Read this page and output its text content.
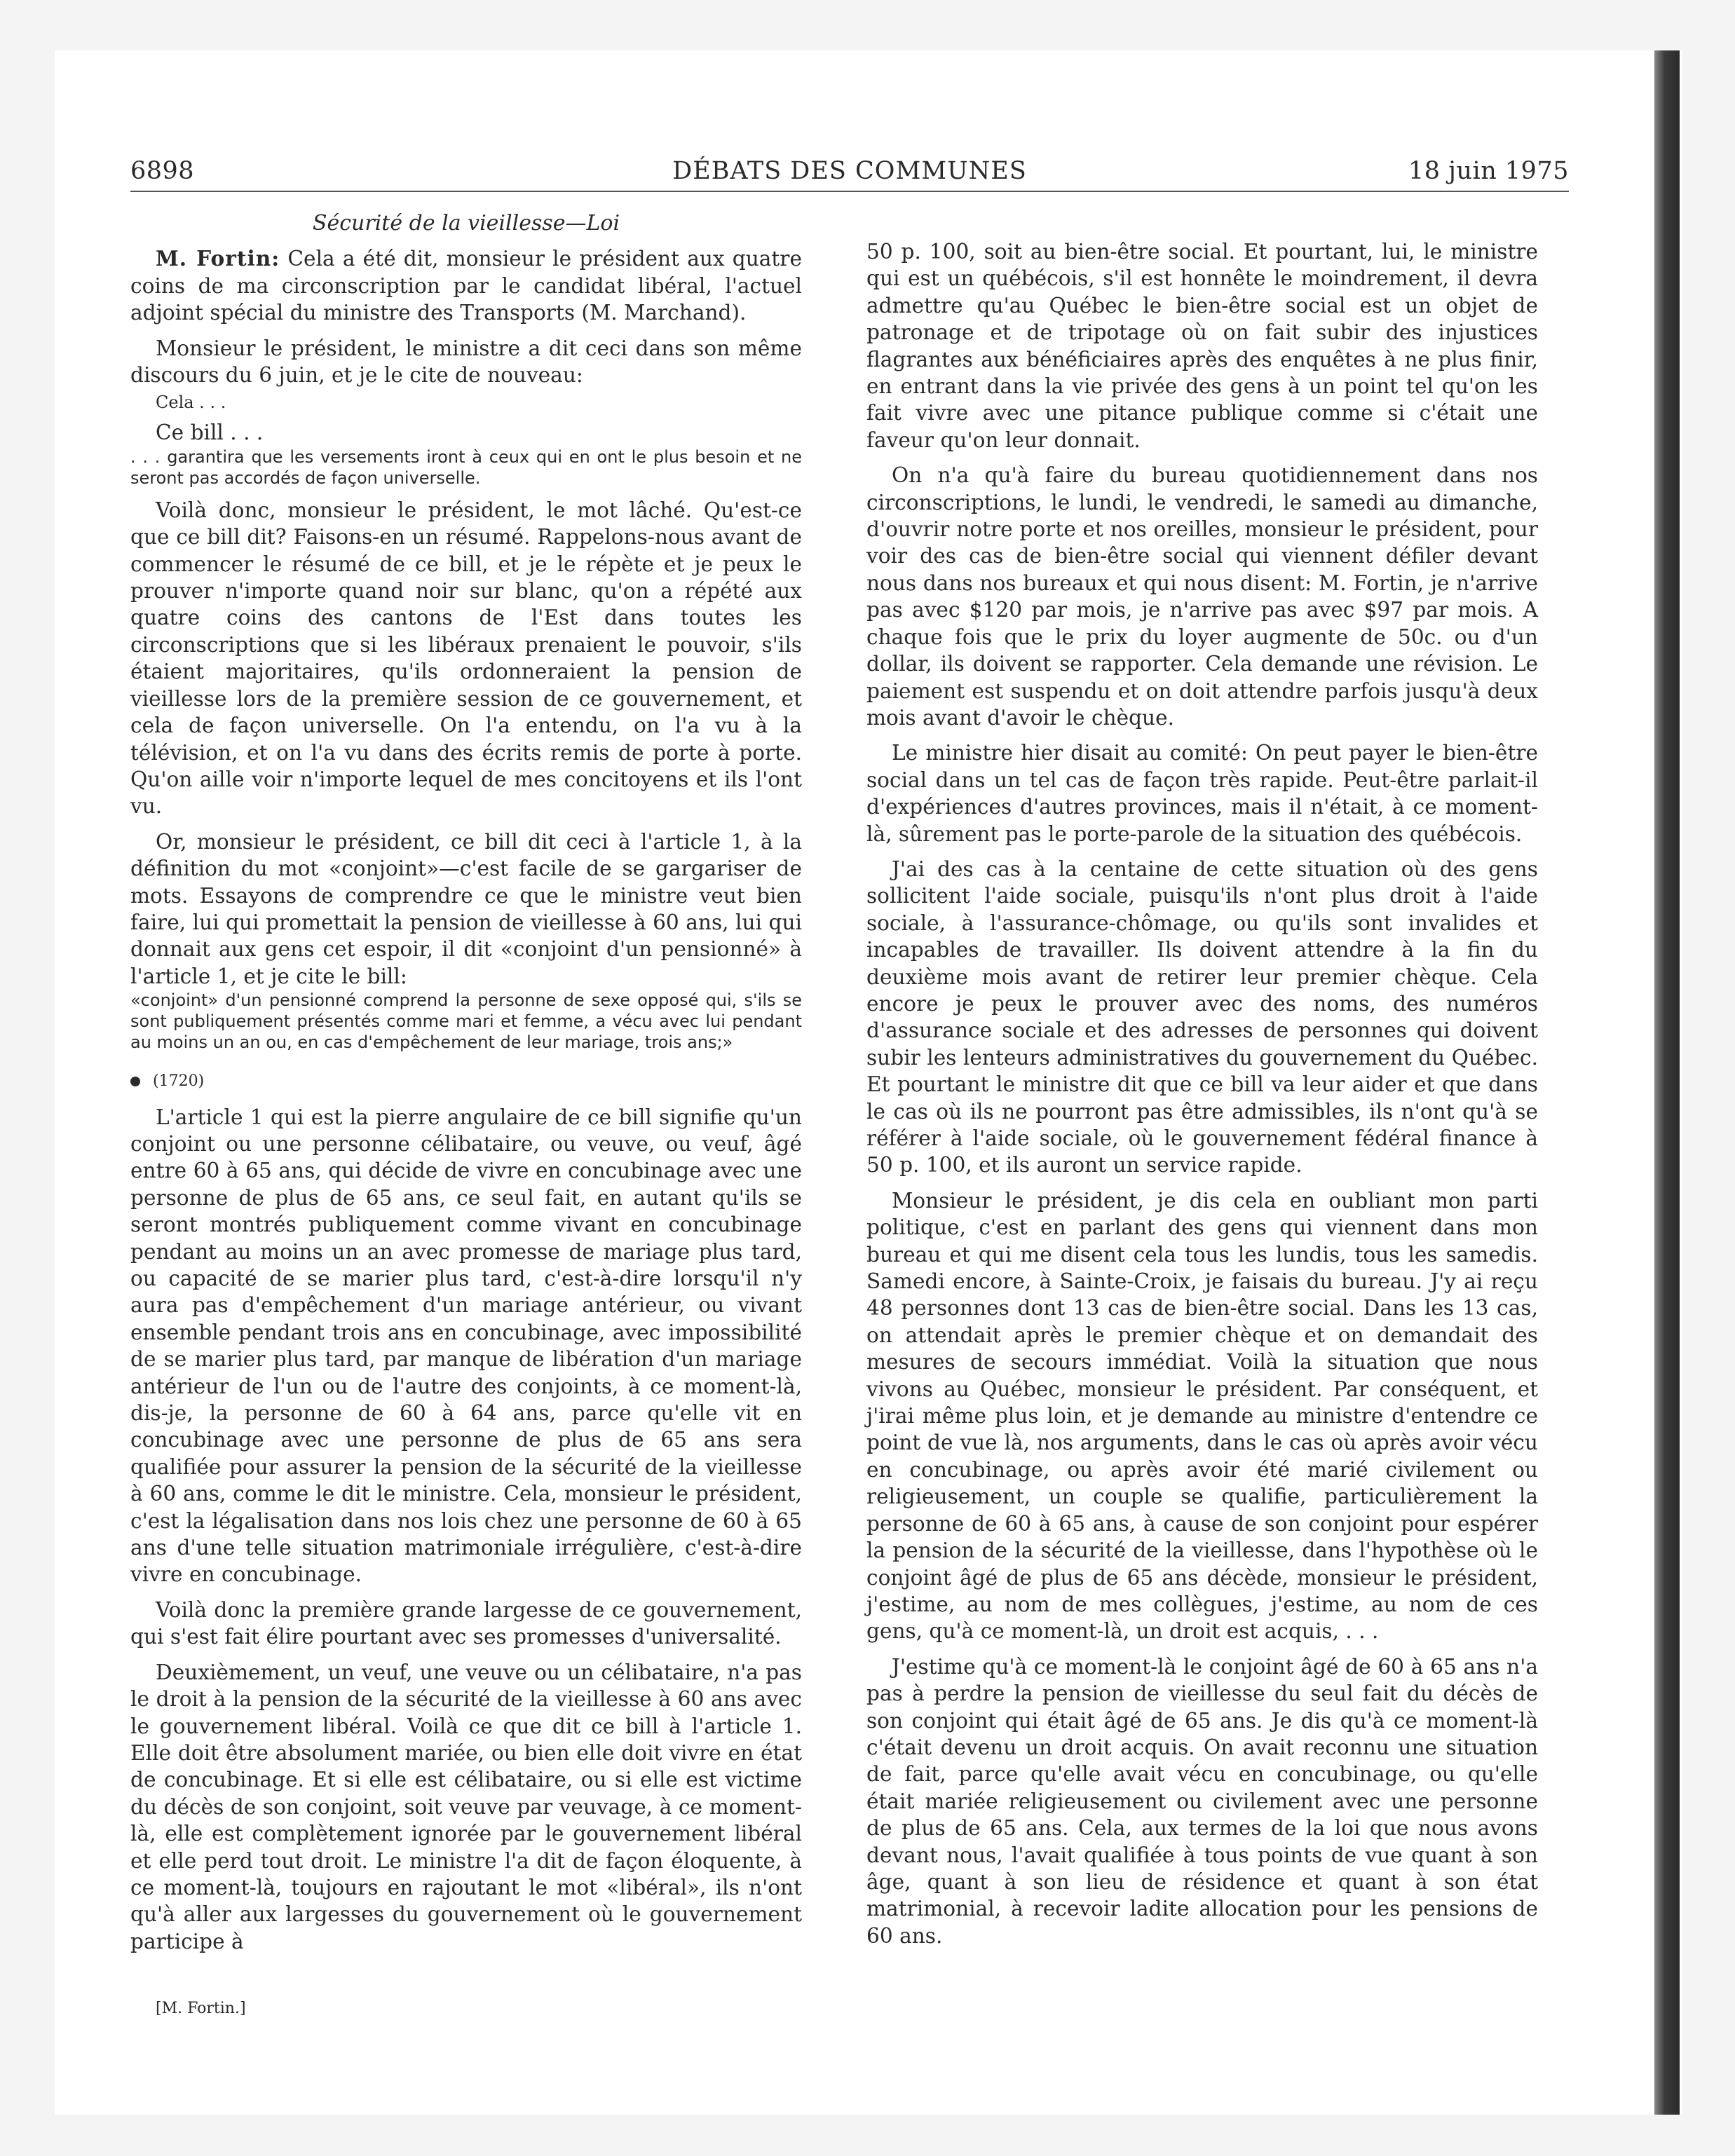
6898	DÉBATS DES COMMUNES	18 juin 1975
Sécurité de la vieillesse—Loi

M. Fortin: Cela a été dit, monsieur le président aux quatre coins de ma circonscription par le candidat libéral, l'actuel adjoint spécial du ministre des Transports (M. Marchand).

Monsieur le président, le ministre a dit ceci dans son même discours du 6 juin, et je le cite de nouveau:

Cela . . .

Ce bill . . .

. . . garantira que les versements iront à ceux qui en ont le plus besoin et ne seront pas accordés de façon universelle.

Voilà donc, monsieur le président, le mot lâché. Qu'est-ce que ce bill dit? Faisons-en un résumé. Rappelons-nous avant de commencer le résumé de ce bill, et je le répète et je peux le prouver n'importe quand noir sur blanc, qu'on a répété aux quatre coins des cantons de l'Est dans toutes les circonscriptions que si les libéraux prenaient le pouvoir, s'ils étaient majoritaires, qu'ils ordonneraient la pension de vieillesse lors de la première session de ce gouvernement, et cela de façon universelle. On l'a entendu, on l'a vu à la télévision, et on l'a vu dans des écrits remis de porte à porte. Qu'on aille voir n'importe lequel de mes concitoyens et ils l'ont vu.

Or, monsieur le président, ce bill dit ceci à l'article 1, à la définition du mot «conjoint»—c'est facile de se gargariser de mots. Essayons de comprendre ce que le ministre veut bien faire, lui qui promettait la pension de vieillesse à 60 ans, lui qui donnait aux gens cet espoir, il dit «conjoint d'un pensionné» à l'article 1, et je cite le bill:

«conjoint» d'un pensionné comprend la personne de sexe opposé qui, s'ils se sont publiquement présentés comme mari et femme, a vécu avec lui pendant au moins un an ou, en cas d'empêchement de leur mariage, trois ans;»

(1720)

L'article 1 qui est la pierre angulaire de ce bill signifie qu'un conjoint ou une personne célibataire, ou veuve, ou veuf, âgé entre 60 à 65 ans, qui décide de vivre en concubinage avec une personne de plus de 65 ans, ce seul fait, en autant qu'ils se seront montrés publiquement comme vivant en concubinage pendant au moins un an avec promesse de mariage plus tard, ou capacité de se marier plus tard, c'est-à-dire lorsqu'il n'y aura pas d'empêchement d'un mariage antérieur, ou vivant ensemble pendant trois ans en concubinage, avec impossibilité de se marier plus tard, par manque de libération d'un mariage antérieur de l'un ou de l'autre des conjoints, à ce moment-là, dis-je, la personne de 60 à 64 ans, parce qu'elle vit en concubinage avec une personne de plus de 65 ans sera qualifiée pour assurer la pension de la sécurité de la vieillesse à 60 ans, comme le dit le ministre. Cela, monsieur le président, c'est la légalisation dans nos lois chez une personne de 60 à 65 ans d'une telle situation matrimoniale irrégulière, c'est-à-dire vivre en concubinage.

Voilà donc la première grande largesse de ce gouvernement, qui s'est fait élire pourtant avec ses promesses d'universalité.

Deuxièmement, un veuf, une veuve ou un célibataire, n'a pas le droit à la pension de la sécurité de la vieillesse à 60 ans avec le gouvernement libéral. Voilà ce que dit ce bill à l'article 1. Elle doit être absolument mariée, ou bien elle doit vivre en état de concubinage. Et si elle est célibataire, ou si elle est victime du décès de son conjoint, soit veuve par veuvage, à ce moment-là, elle est complètement ignorée par le gouvernement libéral et elle perd tout droit. Le ministre l'a dit de façon éloquente, à ce moment-là, toujours en rajoutant le mot «libéral», ils n'ont qu'à aller aux largesses du gouvernement où le gouvernement participe à

50 p. 100, soit au bien-être social. Et pourtant, lui, le ministre qui est un québécois, s'il est honnête le moindrement, il devra admettre qu'au Québec le bien-être social est un objet de patronage et de tripotage où on fait subir des injustices flagrantes aux bénéficiaires après des enquêtes à ne plus finir, en entrant dans la vie privée des gens à un point tel qu'on les fait vivre avec une pitance publique comme si c'était une faveur qu'on leur donnait.

On n'a qu'à faire du bureau quotidiennement dans nos circonscriptions, le lundi, le vendredi, le samedi au dimanche, d'ouvrir notre porte et nos oreilles, monsieur le président, pour voir des cas de bien-être social qui viennent défiler devant nous dans nos bureaux et qui nous disent: M. Fortin, je n'arrive pas avec $120 par mois, je n'arrive pas avec $97 par mois. A chaque fois que le prix du loyer augmente de 50c. ou d'un dollar, ils doivent se rapporter. Cela demande une révision. Le paiement est suspendu et on doit attendre parfois jusqu'à deux mois avant d'avoir le chèque.

Le ministre hier disait au comité: On peut payer le bien-être social dans un tel cas de façon très rapide. Peut-être parlait-il d'expériences d'autres provinces, mais il n'était, à ce moment-là, sûrement pas le porte-parole de la situation des québécois.

J'ai des cas à la centaine de cette situation où des gens sollicitent l'aide sociale, puisqu'ils n'ont plus droit à l'aide sociale, à l'assurance-chômage, ou qu'ils sont invalides et incapables de travailler. Ils doivent attendre à la fin du deuxième mois avant de retirer leur premier chèque. Cela encore je peux le prouver avec des noms, des numéros d'assurance sociale et des adresses de personnes qui doivent subir les lenteurs administratives du gouvernement du Québec. Et pourtant le ministre dit que ce bill va leur aider et que dans le cas où ils ne pourront pas être admissibles, ils n'ont qu'à se référer à l'aide sociale, où le gouvernement fédéral finance à 50 p. 100, et ils auront un service rapide.

Monsieur le président, je dis cela en oubliant mon parti politique, c'est en parlant des gens qui viennent dans mon bureau et qui me disent cela tous les lundis, tous les samedis. Samedi encore, à Sainte-Croix, je faisais du bureau. J'y ai reçu 48 personnes dont 13 cas de bien-être social. Dans les 13 cas, on attendait après le premier chèque et on demandait des mesures de secours immédiat. Voilà la situation que nous vivons au Québec, monsieur le président. Par conséquent, et j'irai même plus loin, et je demande au ministre d'entendre ce point de vue là, nos arguments, dans le cas où après avoir vécu en concubinage, ou après avoir été marié civilement ou religieusement, un couple se qualifie, particulièrement la personne de 60 à 65 ans, à cause de son conjoint pour espérer la pension de la sécurité de la vieillesse, dans l'hypothèse où le conjoint âgé de plus de 65 ans décède, monsieur le président, j'estime, au nom de mes collègues, j'estime, au nom de ces gens, qu'à ce moment-là, un droit est acquis, . . .

J'estime qu'à ce moment-là le conjoint âgé de 60 à 65 ans n'a pas à perdre la pension de vieillesse du seul fait du décès de son conjoint qui était âgé de 65 ans. Je dis qu'à ce moment-là c'était devenu un droit acquis. On avait reconnu une situation de fait, parce qu'elle avait vécu en concubinage, ou qu'elle était mariée religieusement ou civilement avec une personne de plus de 65 ans. Cela, aux termes de la loi que nous avons devant nous, l'avait qualifiée à tous points de vue quant à son âge, quant à son lieu de résidence et quant à son état matrimonial, à recevoir ladite allocation pour les pensions de 60 ans.

[M. Fortin.]
